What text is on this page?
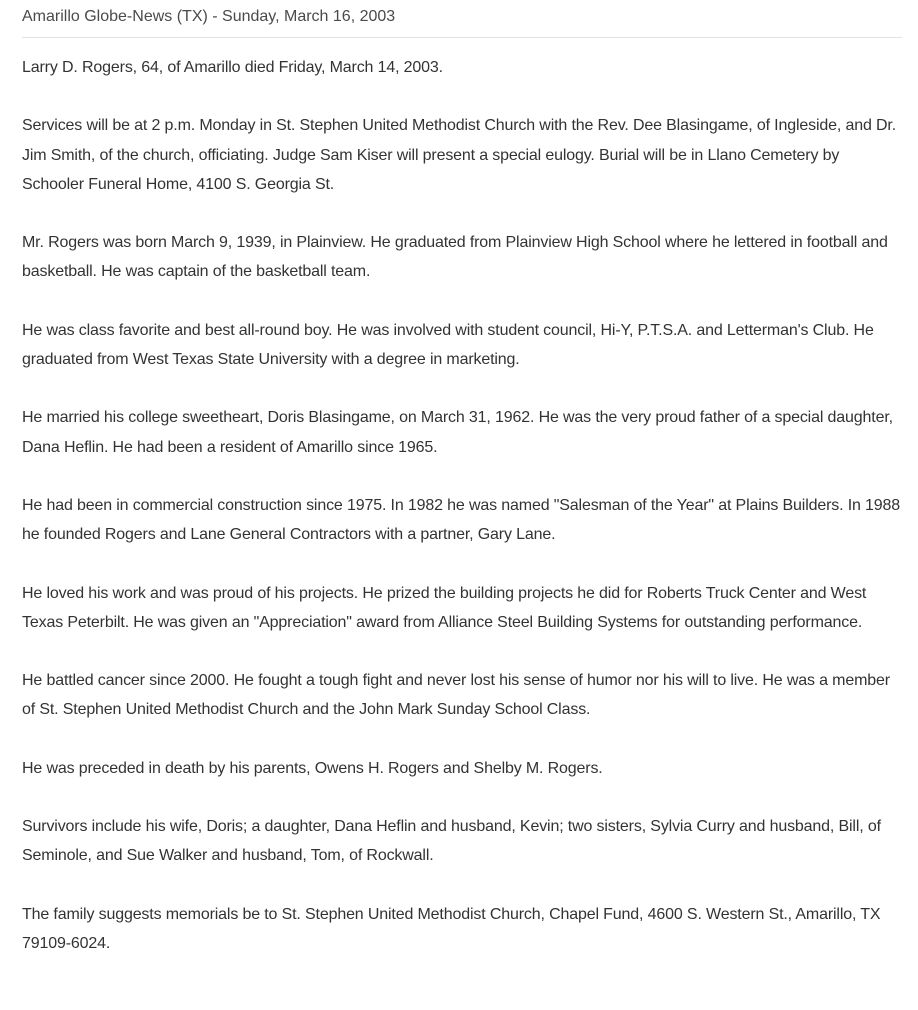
Amarillo Globe-News (TX) - Sunday, March 16, 2003

Larry D. Rogers, 64, of Amarillo died Friday, March 14, 2003.

Services will be at 2 p.m. Monday in St. Stephen United Methodist Church with the Rev. Dee Blasingame, of Ingleside, and Dr. Jim Smith, of the church, officiating. Judge Sam Kiser will present a special eulogy. Burial will be in Llano Cemetery by Schooler Funeral Home, 4100 S. Georgia St.

Mr. Rogers was born March 9, 1939, in Plainview. He graduated from Plainview High School where he lettered in football and basketball. He was captain of the basketball team.

He was class favorite and best all-round boy. He was involved with student council, Hi-Y, P.T.S.A. and Letterman's Club. He graduated from West Texas State University with a degree in marketing.

He married his college sweetheart, Doris Blasingame, on March 31, 1962. He was the very proud father of a special daughter, Dana Heflin. He had been a resident of Amarillo since 1965.

He had been in commercial construction since 1975. In 1982 he was named "Salesman of the Year" at Plains Builders. In 1988 he founded Rogers and Lane General Contractors with a partner, Gary Lane.

He loved his work and was proud of his projects. He prized the building projects he did for Roberts Truck Center and West Texas Peterbilt. He was given an "Appreciation" award from Alliance Steel Building Systems for outstanding performance.

He battled cancer since 2000. He fought a tough fight and never lost his sense of humor nor his will to live. He was a member of St. Stephen United Methodist Church and the John Mark Sunday School Class.

He was preceded in death by his parents, Owens H. Rogers and Shelby M. Rogers.

Survivors include his wife, Doris; a daughter, Dana Heflin and husband, Kevin; two sisters, Sylvia Curry and husband, Bill, of Seminole, and Sue Walker and husband, Tom, of Rockwall.

The family suggests memorials be to St. Stephen United Methodist Church, Chapel Fund, 4600 S. Western St., Amarillo, TX 79109-6024.
